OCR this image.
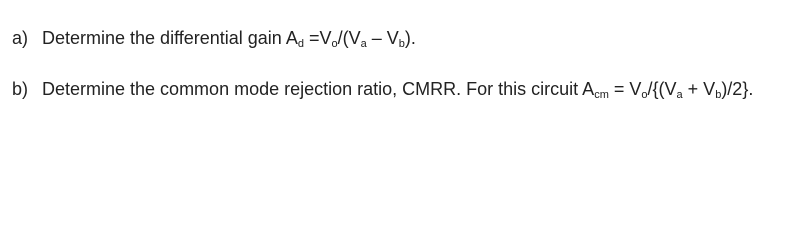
a) Determine the differential gain $A_d =V_o/(V_a - V_b)$.
b) Determine the common mode rejection ratio, CMRR. For this circuit $A_{cm} = V_o/\{(V_a + V_b)/2\}$.
